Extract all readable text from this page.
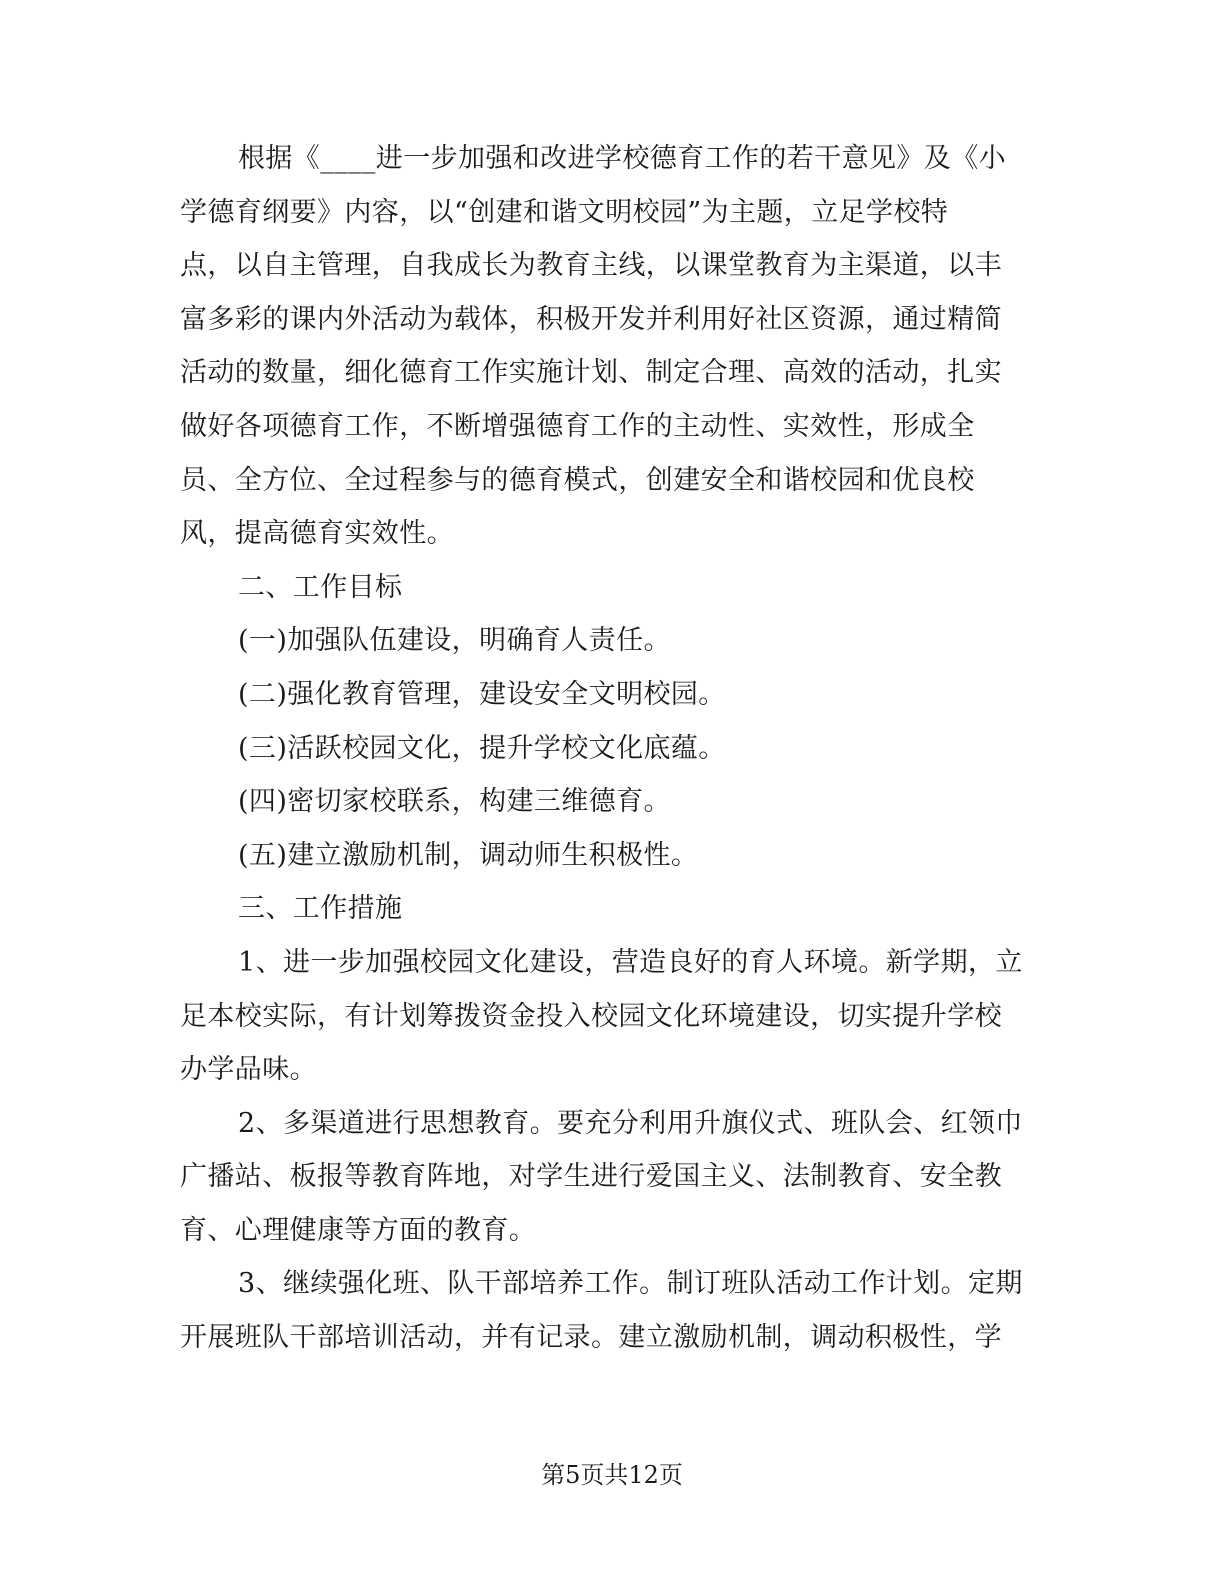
根据《____进一步加强和改进学校德育工作的若干意见》及《小
学德育纲要》内容，以“创建和谐文明校园”为主题，立足学校特
点，以自主管理，自我成长为教育主线，以课堂教育为主渠道，以丰
富多彩的课内外活动为载体，积极开发并利用好社区资源，通过精简
活动的数量，细化德育工作实施计划、制定合理、高效的活动，扎实
做好各项德育工作，不断增强德育工作的主动性、实效性，形成全
员、全方位、全过程参与的德育模式，创建安全和谐校园和优良校
风，提高德育实效性。
二、工作目标
(一)加强队伍建设，明确育人责任。
(二)强化教育管理，建设安全文明校园。
(三)活跃校园文化，提升学校文化底蕴。
(四)密切家校联系，构建三维德育。
(五)建立激励机制，调动师生积极性。
三、工作措施
1、进一步加强校园文化建设，营造良好的育人环境。新学期，立
足本校实际，有计划筹拨资金投入校园文化环境建设，切实提升学校
办学品味。
2、多渠道进行思想教育。要充分利用升旗仪式、班队会、红领巾
广播站、板报等教育阵地，对学生进行爱国主义、法制教育、安全教
育、心理健康等方面的教育。
3、继续强化班、队干部培养工作。制订班队活动工作计划。定期
开展班队干部培训活动，并有记录。建立激励机制，调动积极性，学
第5页共12页
